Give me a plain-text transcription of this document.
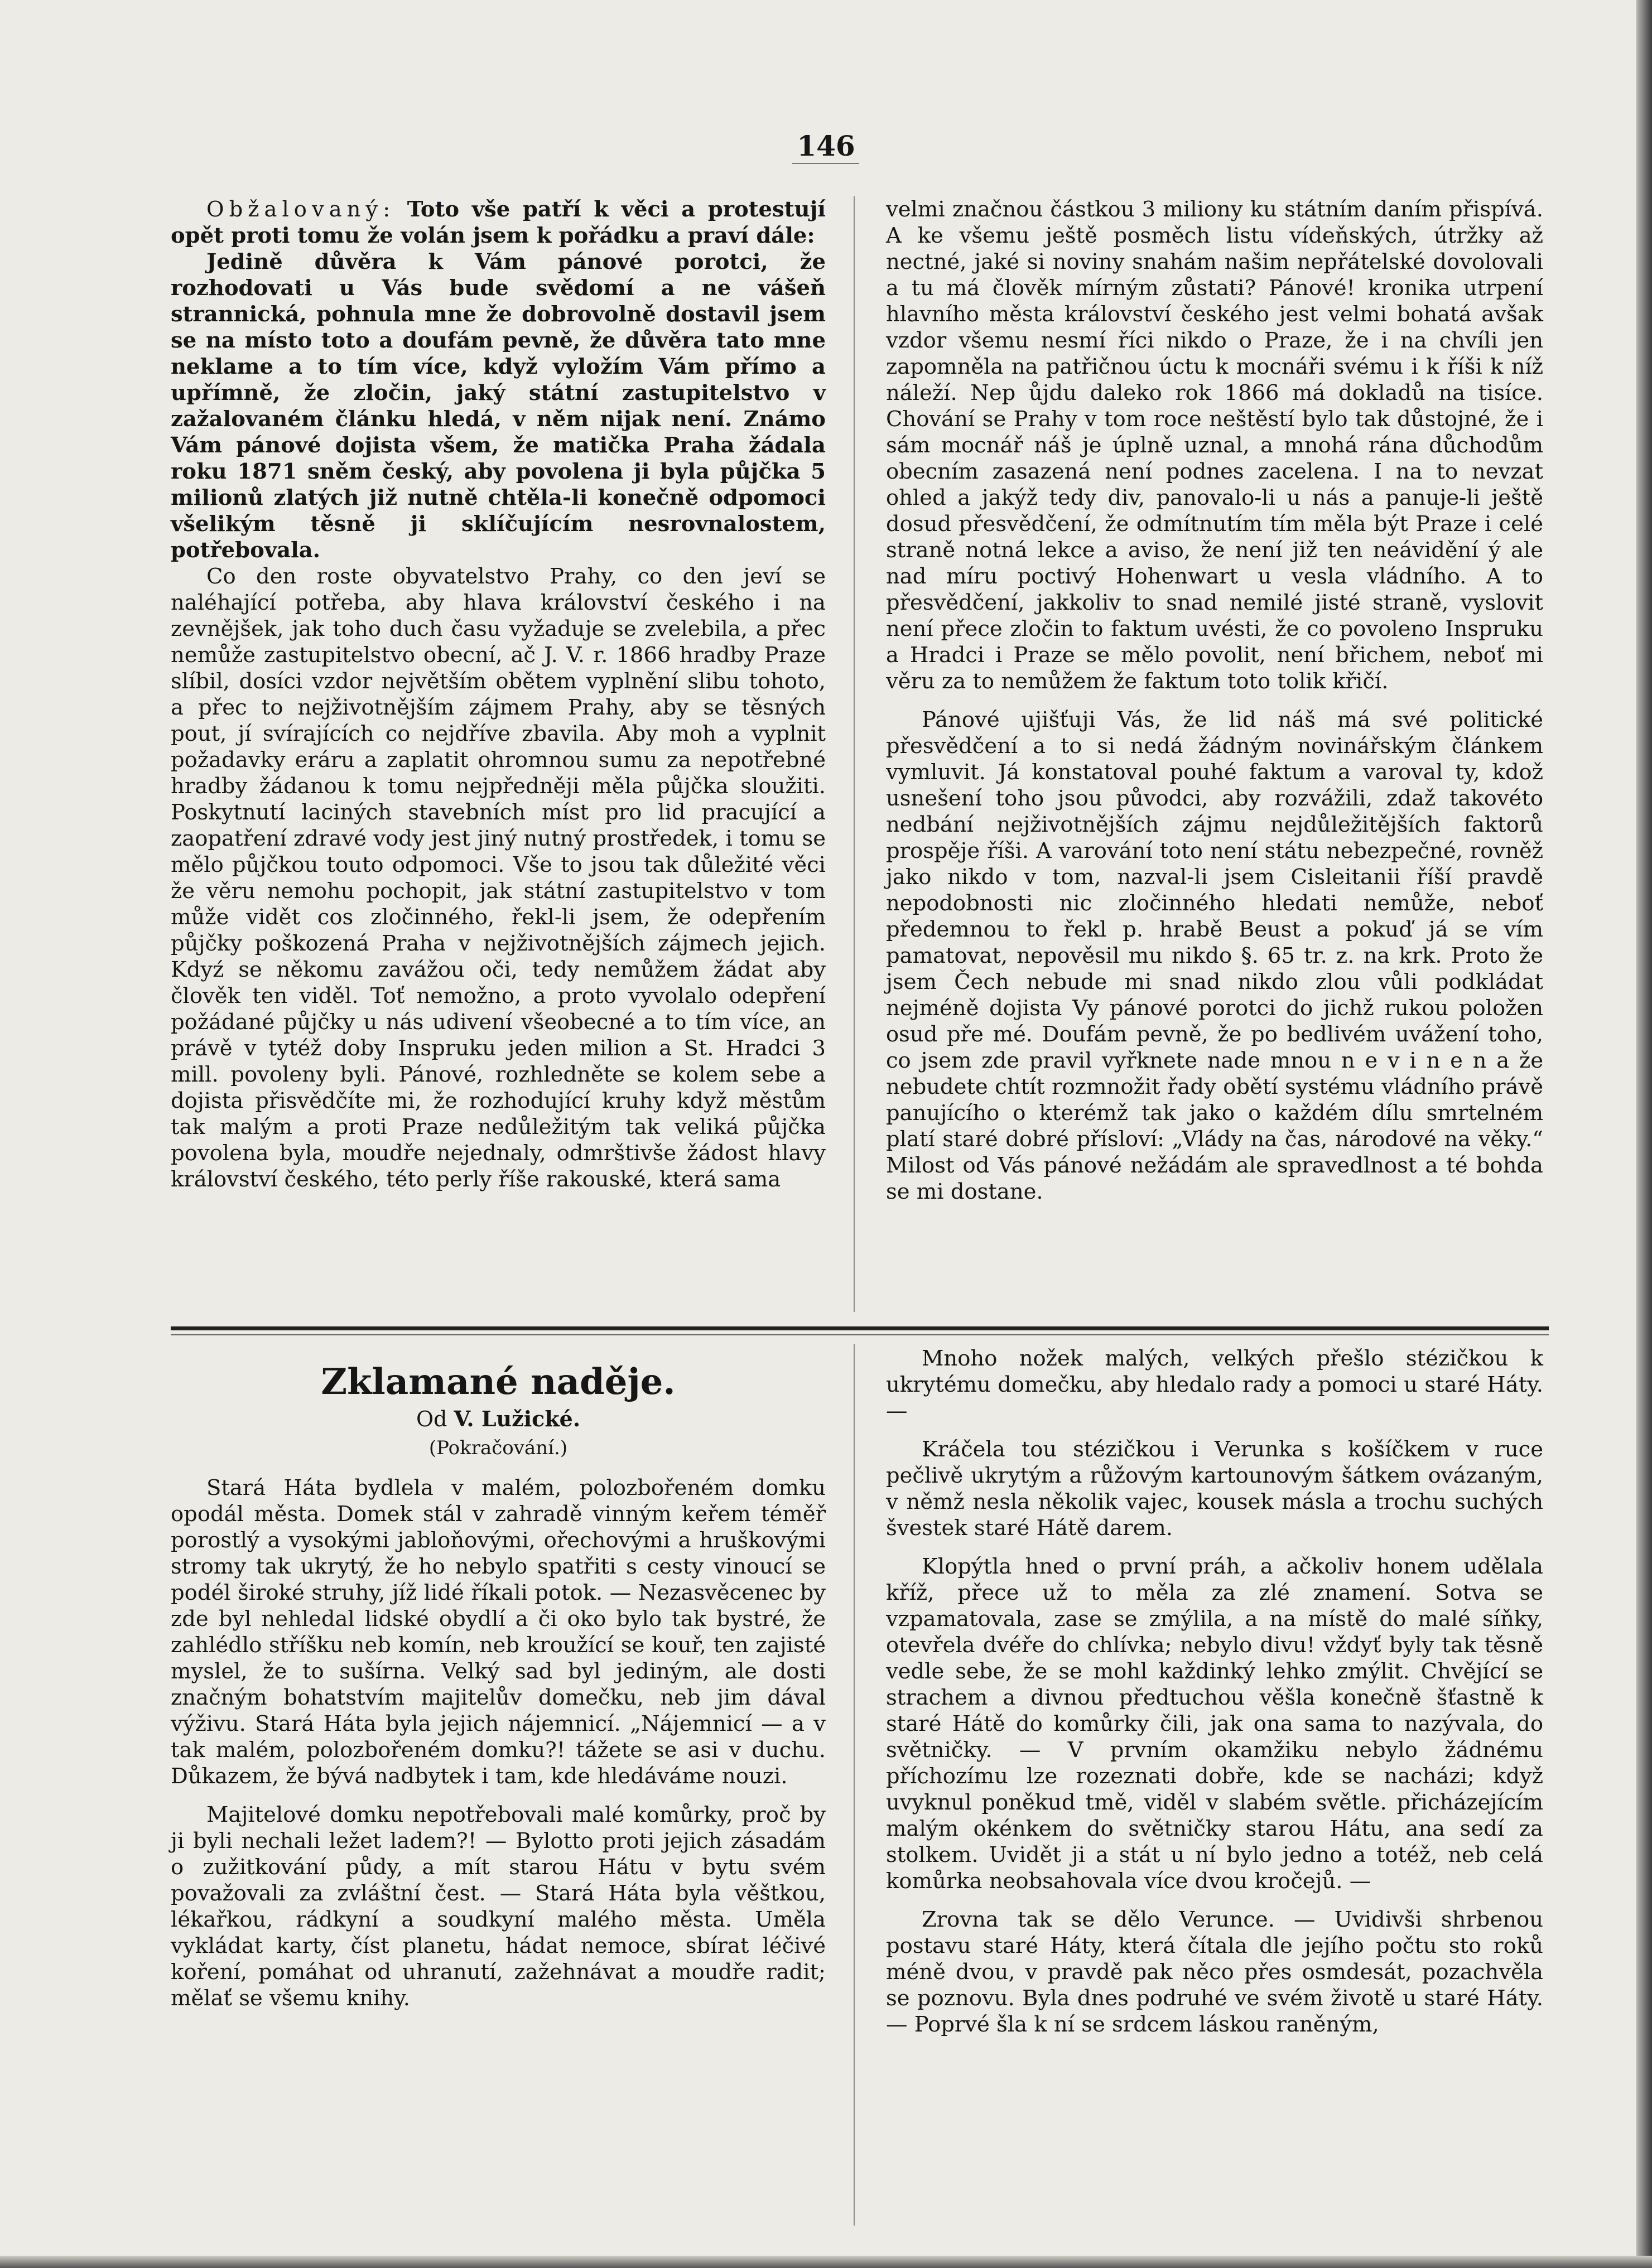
146

Obžalovaný: Toto vše patří k věci a protestují opět proti tomu že volán jsem k pořádku a praví dále:

Jedině důvěra k Vám pánové porotci, že rozhodovati u Vás bude svědomí a ne vášeň strannická, pohnula mne že dobrovolně dostavil jsem se na místo toto a doufám pevně, že důvěra tato mne neklame a to tím více, když vyložím Vám přímo a upřímně, že zločin, jaký státní zastupitelstvo v zažalovaném článku hledá, v něm nijak není. Známo Vám pánové dojista všem, že matička Praha žádala roku 1871 sněm český, aby povolena ji byla půjčka 5 milionů zlatých již nutně chtěla-li konečně odpomoci všelikým těsně ji sklíčujícím nesrovnalostem, potřebovala.

Co den roste obyvatelstvo Prahy, co den jeví se naléhající potřeba, aby hlava království českého i na zevnějšek, jak toho duch času vyžaduje se zvelebila, a přec nemůže zastupitelstvo obecní, ač J. V. r. 1866 hradby Praze slíbil, dosíci vzdor největším obětem vyplnění slibu tohoto, a přec to nejživotnějším zájmem Prahy, aby se těsných pout, jí svírajících co nejdříve zbavila. Aby moh a vyplnit požadavky eráru a zaplatit ohromnou sumu za nepotřebné hradby žádanou k tomu nejpředněji měla půjčka sloužiti. Poskytnutí laciných stavebních míst pro lid pracující a zaopatření zdravé vody jest jiný nutný prostředek, i tomu se mělo půjčkou touto odpomoci. Vše to jsou tak důležité věci že věru nemohu pochopit, jak státní zastupitelstvo v tom může vidět cos zločinného, řekl-li jsem, že odepřením půjčky poškozená Praha v nejživotnějších zájmech jejich. Kdyź se někomu zavážou oči, tedy nemůžem žádat aby člověk ten viděl. Toť nemožno, a proto vyvolalo odepření požádané půjčky u nás udivení všeobecné a to tím více, an právě v tytéž doby Inspruku jeden milion a St. Hradci 3 mill. povoleny byli. Pánové, rozhledněte se kolem sebe a dojista přisvědčíte mi, že rozhodující kruhy když městům tak malým a proti Praze nedůležitým tak veliká půjčka povolena byla, moudře nejednaly, odmrštivše žádost hlavy království českého, této perly říše rakouské, která sama

velmi značnou částkou 3 miliony ku státním daním přispívá. A ke všemu ještě posměch listu vídeňských, útržky až nectné, jaké si noviny snahám našim nepřátelské dovolovali a tu má člověk mírným zůstati? Pánové! kronika utrpení hlavního města království českého jest velmi bohatá avšak vzdor všemu nesmí říci nikdo o Praze, že i na chvíli jen zapomněla na patřičnou úctu k mocnáři svému i k říši k níž náleží. Nep ůjdu daleko rok 1866 má dokladů na tisíce. Chování se Prahy v tom roce neštěstí bylo tak důstojné, že i sám mocnář náš je úplně uznal, a mnohá rána důchodům obecním zasazená není podnes zacelena. I na to nevzat ohled a jakýž tedy div, panovalo-li u nás a panuje-li ještě dosud přesvědčení, že odmítnutím tím měla být Praze i celé straně notná lekce a aviso, že není již ten neávidění ý ale nad míru poctivý Hohenwart u vesla vládního. A to přesvědčení, jakkoliv to snad nemilé jisté straně, vyslovit není přece zločin to faktum uvésti, že co povoleno Inspruku a Hradci i Praze se mělo povolit, není břichem, neboť mi věru za to nemůžem že faktum toto tolik křičí.

Pánové ujišťuji Vás, že lid náš má své politické přesvědčení a to si nedá žádným novinářským článkem vymluvit. Já konstatoval pouhé faktum a varoval ty, kdož usnešení toho jsou původci, aby rozvážili, zdaž takovéto nedbání nejživotnějších zájmu nejdůležitějších faktorů prospěje říši. A varování toto není státu nebezpečné, rovněž jako nikdo v tom, nazval-li jsem Cisleitanii říší pravdě nepodobnosti nic zločinného hledati nemůže, neboť předemnou to řekl p. hrabě Beust a pokuď já se vím pamatovat, nepověsil mu nikdo §. 65 tr. z. na krk. Proto že jsem Čech nebude mi snad nikdo zlou vůli podkládat nejméně dojista Vy pánové porotci do jichž rukou položen osud pře mé. Doufám pevně, že po bedlivém uvážení toho, co jsem zde pravil vyřknete nade mnou n e v i n e n a že nebudete chtít rozmnožit řady obětí systému vládního právě panujícího o kterémž tak jako o každém dílu smrtelném platí staré dobré přísloví: „Vlády na čas, národové na věky.“ Milost od Vás pánové nežádám ale spravedlnost a té bohda se mi dostane.

Zklamané naděje.
Od V. Lužické.
(Pokračování.)

Stará Háta bydlela v malém, polozbořeném domku opodál města. Domek stál v zahradě vinným keřem téměř porostlý a vysokými jabloňovými, ořechovými a hruškovými stromy tak ukrytý, že ho nebylo spatřiti s cesty vinoucí se podél široké struhy, jíž lidé říkali potok. — Nezasvěcenec by zde byl nehledal lidské obydlí a či oko bylo tak bystré, že zahlédlo stříšku neb komín, neb kroužící se kouř, ten zajisté myslel, že to sušírna. Velký sad byl jediným, ale dosti značným bohatstvím majitelův domečku, neb jim dával výživu. Stará Háta byla jejich nájemnicí. „Nájemnicí — a v tak malém, polozbořeném domku?! tážete se asi v duchu. Důkazem, že bývá nadbytek i tam, kde hledáváme nouzi.

Majitelové domku nepotřebovali malé komůrky, proč by ji byli nechali ležet ladem?! — Bylotto proti jejich zásadám o zužitkování půdy, a mít starou Hátu v bytu svém považovali za zvláštní čest. — Stará Háta byla věštkou, lékařkou, rádkyní a soudkyní malého města. Uměla vykládat karty, číst planetu, hádat nemoce, sbírat léčivé koření, pomáhat od uhranutí, zažehnávat a moudře radit; mělať se všemu knihy.

Mnoho nožek malých, velkých přešlo stézičkou k ukrytému domečku, aby hledalo rady a pomoci u staré Háty. —

Kráčela tou stézičkou i Verunka s košíčkem v ruce pečlivě ukrytým a růžovým kartounovým šátkem ovázaným, v němž nesla několik vajec, kousek másla a trochu suchých švestek staré Hátě darem.

Klopýtla hned o první práh, a ačkoliv honem udělala kříž, přece už to měla za zlé znamení. Sotva se vzpamatovala, zase se zmýlila, a na místě do malé síňky, otevřela dvéře do chlívka; nebylo divu! vždyť byly tak těsně vedle sebe, že se mohl každinký lehko zmýlit. Chvějící se strachem a divnou předtuchou věšla konečně šťastně k staré Hátě do komůrky čili, jak ona sama to nazývala, do světničky. — V prvním okamžiku nebylo žádnému příchozímu lze rozeznati dobře, kde se nacházi; když uvyknul poněkud tmě, viděl v slabém světle. přicházejícím malým okénkem do světničky starou Hátu, ana sedí za stolkem. Uvidět ji a stát u ní bylo jedno a totéž, neb celá komůrka neobsahovala více dvou kročejů. —

Zrovna tak se dělo Verunce. — Uvidivši shrbenou postavu staré Háty, která čítala dle jejího počtu sto roků méně dvou, v pravdě pak něco přes osmdesát, pozachvěla se poznovu. Byla dnes podruhé ve svém životě u staré Háty. — Poprvé šla k ní se srdcem láskou raněným,
